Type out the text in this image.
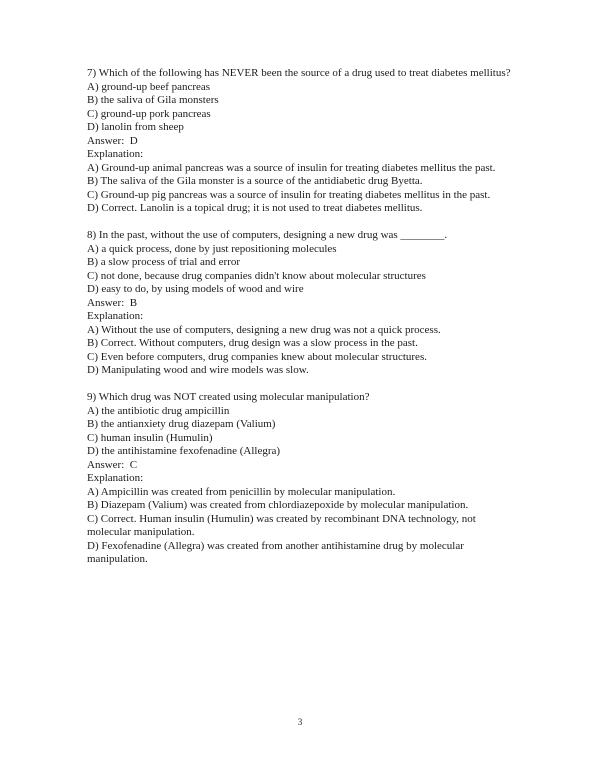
7) Which of the following has NEVER been the source of a drug used to treat diabetes mellitus?

A) ground-up beef pancreas

B) the saliva of Gila monsters

C) ground-up pork pancreas

D) lanolin from sheep

Answer:  D

Explanation:

A) Ground-up animal pancreas was a source of insulin for treating diabetes mellitus the past.

B) The saliva of the Gila monster is a source of the antidiabetic drug Byetta.

C) Ground-up pig pancreas was a source of insulin for treating diabetes mellitus in the past.

D) Correct. Lanolin is a topical drug; it is not used to treat diabetes mellitus.

8) In the past, without the use of computers, designing a new drug was ________.

A) a quick process, done by just repositioning molecules

B) a slow process of trial and error

C) not done, because drug companies didn't know about molecular structures

D) easy to do, by using models of wood and wire

Answer:  B

Explanation:

A) Without the use of computers, designing a new drug was not a quick process.

B) Correct. Without computers, drug design was a slow process in the past.

C) Even before computers, drug companies knew about molecular structures.

D) Manipulating wood and wire models was slow.

9) Which drug was NOT created using molecular manipulation?

A) the antibiotic drug ampicillin

B) the antianxiety drug diazepam (Valium)

C) human insulin (Humulin)

D) the antihistamine fexofenadine (Allegra)

Answer:  C

Explanation:

A) Ampicillin was created from penicillin by molecular manipulation.

B) Diazepam (Valium) was created from chlordiazepoxide by molecular manipulation.

C) Correct. Human insulin (Humulin) was created by recombinant DNA technology, not molecular manipulation.

D) Fexofenadine (Allegra) was created from another antihistamine drug by molecular manipulation.

3
